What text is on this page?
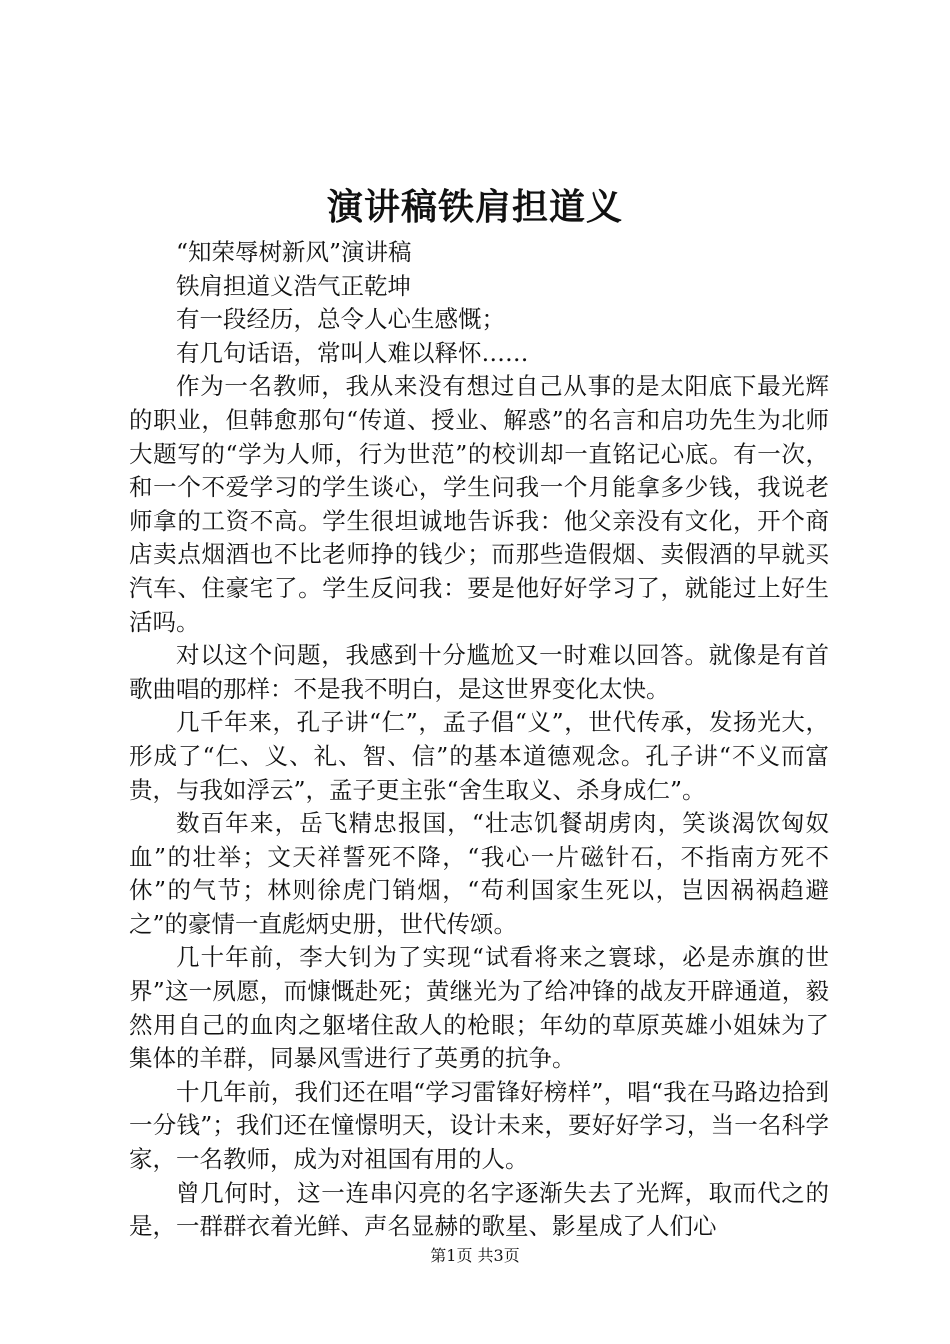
演讲稿铁肩担道义

“知荣辱树新风”演讲稿

铁肩担道义浩气正乾坤

有一段经历，总令人心生感慨；

有几句话语，常叫人难以释怀……

作为一名教师，我从来没有想过自己从事的是太阳底下最光辉的职业，但韩愈那句“传道、授业、解惑”的名言和启功先生为北师大题写的“学为人师，行为世范”的校训却一直铭记心底。有一次，和一个不爱学习的学生谈心，学生问我一个月能拿多少钱，我说老师拿的工资不高。学生很坦诚地告诉我：他父亲没有文化，开个商店卖点烟酒也不比老师挣的钱少；而那些造假烟、卖假酒的早就买汽车、住豪宅了。学生反问我：要是他好好学习了，就能过上好生活吗。

对以这个问题，我感到十分尴尬又一时难以回答。就像是有首歌曲唱的那样：不是我不明白，是这世界变化太快。

几千年来，孔子讲“仁”，孟子倡“义”，世代传承，发扬光大，形成了“仁、义、礼、智、信”的基本道德观念。孔子讲“不义而富贵，与我如浮云”，孟子更主张“舍生取义、杀身成仁”。

数百年来，岳飞精忠报国，“壮志饥餐胡虏肉，笑谈渴饮匈奴血”的壮举；文天祥誓死不降，“我心一片磁针石，不指南方死不休”的气节；林则徐虎门销烟，“苟利国家生死以，岂因祸祸趋避之”的豪情一直彪炳史册，世代传颂。

几十年前，李大钊为了实现“试看将来之寰球，必是赤旗的世界”这一夙愿，而慷慨赴死；黄继光为了给冲锋的战友开辟通道，毅然用自己的血肉之躯堵住敌人的枪眼；年幼的草原英雄小姐妹为了集体的羊群，同暴风雪进行了英勇的抗争。

十几年前，我们还在唱“学习雷锋好榜样”，唱“我在马路边拾到一分钱”；我们还在憧憬明天，设计未来，要好好学习，当一名科学家，一名教师，成为对祖国有用的人。

曾几何时，这一连串闪亮的名字逐渐失去了光辉，取而代之的是，一群群衣着光鲜、声名显赫的歌星、影星成了人们心

第1页 共3页
